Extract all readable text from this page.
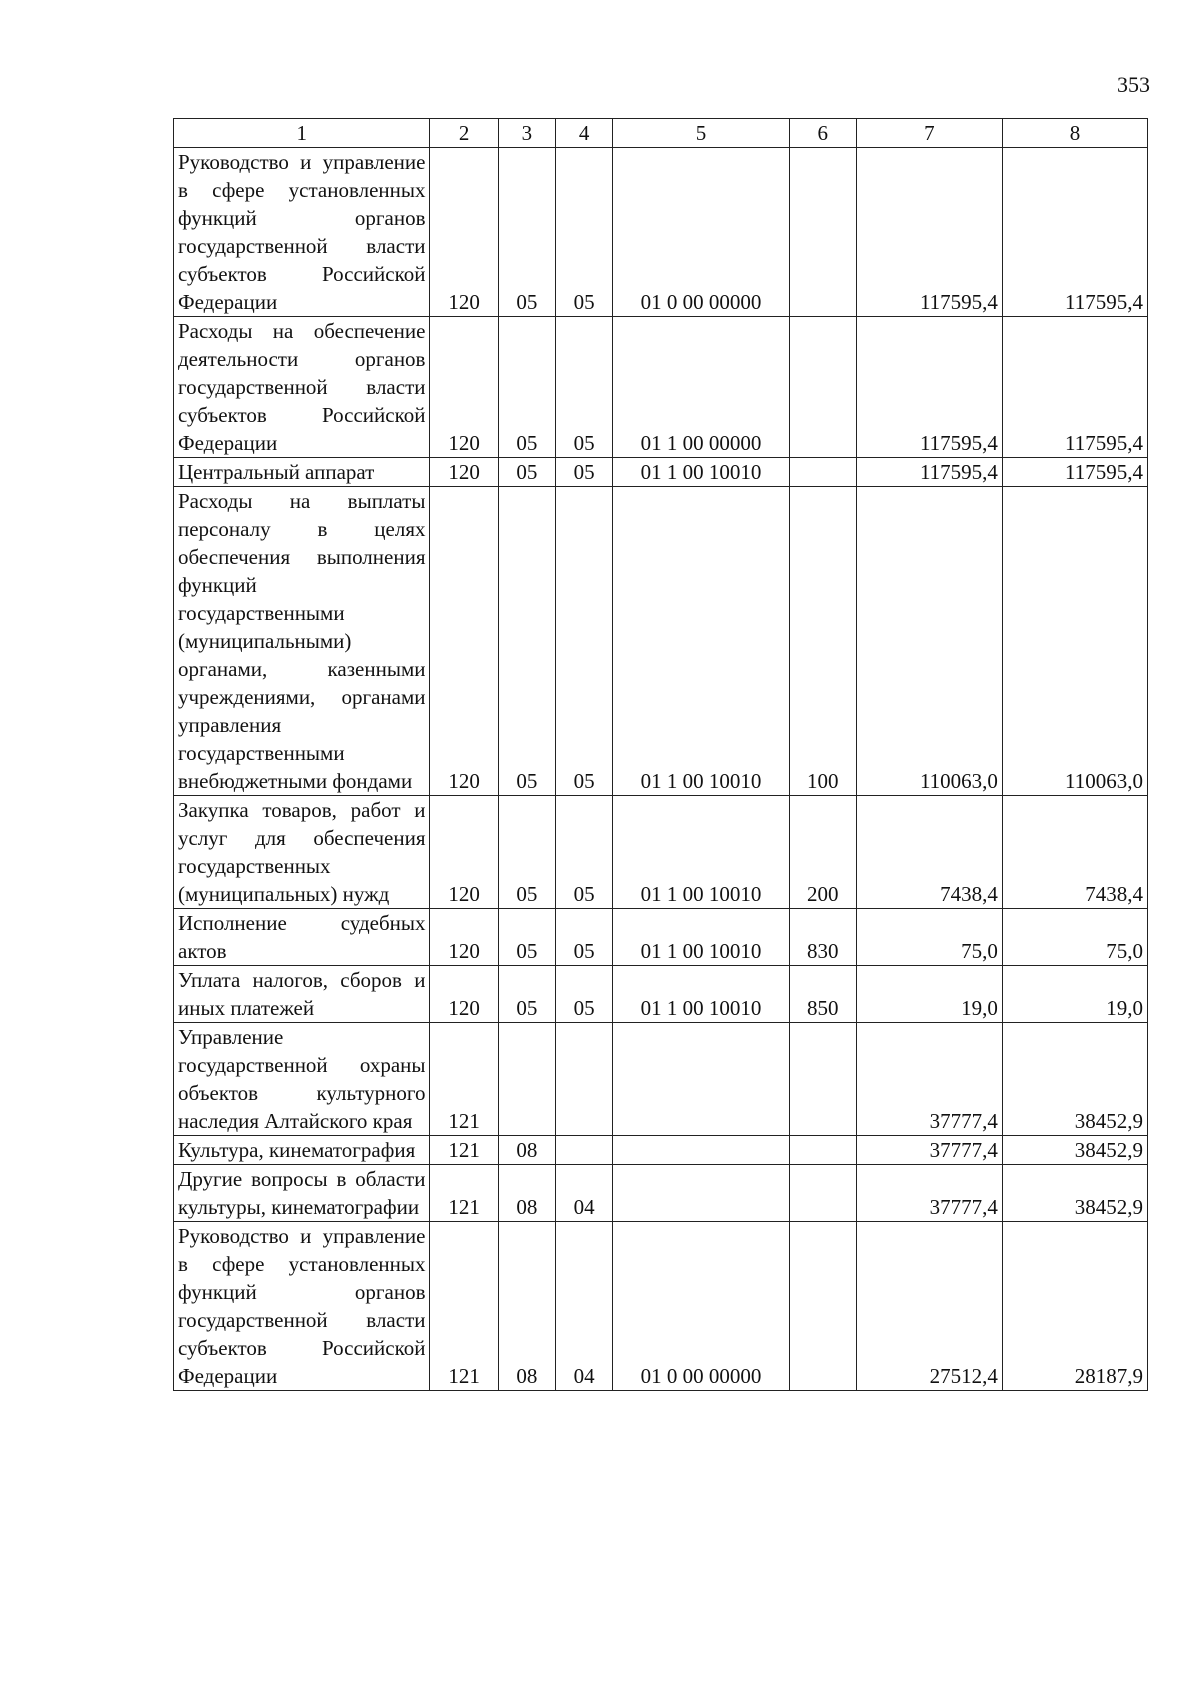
353
1	2	3	4	5	6	7	8
Руководство и управление в сфере установленных функций органов государственной власти субъектов Российской Федерации	120	05	05	01 0 00 00000		117595,4	117595,4
Расходы на обеспечение деятельности органов государственной власти субъектов Российской Федерации	120	05	05	01 1 00 00000		117595,4	117595,4
Центральный аппарат	120	05	05	01 1 00 10010		117595,4	117595,4
Расходы на выплаты персоналу в целях обеспечения выполнения функций государственными (муниципальными) органами, казенными учреждениями, органами управления государственными внебюджетными фондами	120	05	05	01 1 00 10010	100	110063,0	110063,0
Закупка товаров, работ и услуг для обеспечения государственных (муниципальных) нужд	120	05	05	01 1 00 10010	200	7438,4	7438,4
Исполнение судебных актов	120	05	05	01 1 00 10010	830	75,0	75,0
Уплата налогов, сборов и иных платежей	120	05	05	01 1 00 10010	850	19,0	19,0
Управление государственной охраны объектов культурного наследия Алтайского края	121					37777,4	38452,9
Культура, кинематография	121	08				37777,4	38452,9
Другие вопросы в области культуры, кинематографии	121	08	04			37777,4	38452,9
Руководство и управление в сфере установленных функций органов государственной власти субъектов Российской Федерации	121	08	04	01 0 00 00000		27512,4	28187,9
